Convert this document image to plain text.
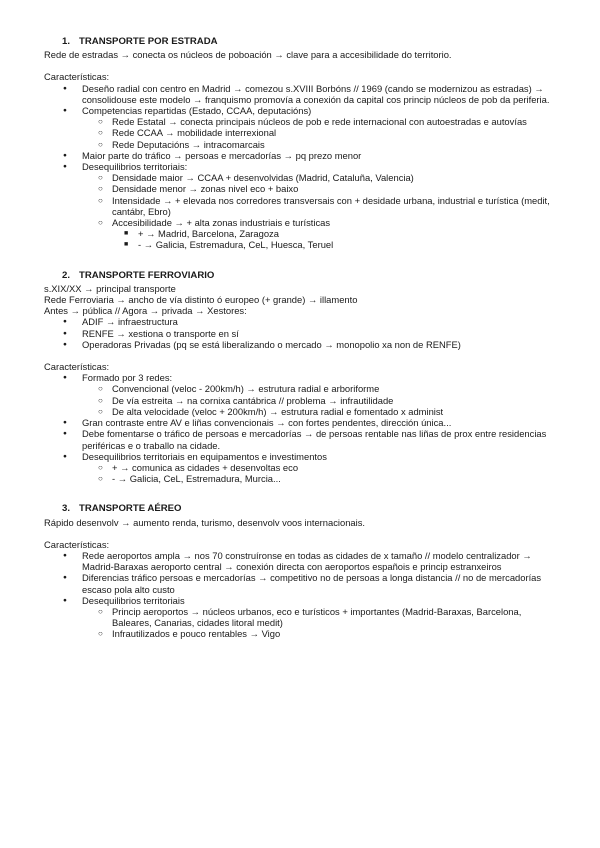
1. TRANSPORTE POR ESTRADA

Rede de estradas → conecta os núcleos de poboación → clave para a accesibilidade do territorio.

Características:

● Deseño radial con centro en Madrid → comezou s.XVIII Borbóns // 1969 (cando se modernizou as estradas) → consolidouse este modelo → franquismo promovía a conexión da capital cos princip núcleos de pob da periferia.
● Competencias repartidas (Estado, CCAA, deputacións)
○ Rede Estatal → conecta principais núcleos de pob e rede internacional con autoestradas e autovías
○ Rede CCAA → mobilidade interrexional
○ Rede Deputacións → intracomarcais
● Maior parte do tráfico → persoas e mercadorías → pq prezo menor
● Desequilibrios territoriais:
○ Densidade maior → CCAA + desenvolvidas (Madrid, Cataluña, Valencia)
○ Densidade menor → zonas nivel eco + baixo
○ Intensidade → + elevada nos corredores transversais con + desidade urbana, industrial e turística (medit, cantábr, Ebro)
○ Accesibilidade → + alta zonas industriais e turísticas
■ + → Madrid, Barcelona, Zaragoza
■ - → Galicia, Estremadura, CeL, Huesca, Teruel
2. TRANSPORTE FERROVIARIO

s.XIX/XX → principal transporte

Rede Ferroviaria → ancho de vía distinto ó europeo (+ grande) → illamento

Antes → pública // Agora → privada → Xestores:

● ADIF → infraestructura
● RENFE → xestiona o transporte en sí
● Operadoras Privadas (pq se está liberalizando o mercado → monopolio xa non de RENFE)

Características:

● Formado por 3 redes:
○ Convencional (veloc - 200km/h) → estrutura radial e arboriforme
○ De vía estreita → na cornixa cantábrica // problema → infrautilidade
○ De alta velocidade (veloc + 200km/h) → estrutura radial e fomentado x administ
● Gran contraste entre AV e liñas convencionais → con fortes pendentes, dirección única...
● Debe fomentarse o tráfico de persoas e mercadorías → de persoas rentable nas liñas de prox entre residencias periféricas e o traballo na cidade.
● Desequilibrios territoriais en equipamentos e investimentos
○ + → comunica as cidades + desenvoltas eco
○ - → Galicia, CeL, Estremadura, Murcia...
3. TRANSPORTE AÉREO

Rápido desenvolv → aumento renda, turismo, desenvolv voos internacionais.

Características:

● Rede aeroportos ampla → nos 70 construíronse en todas as cidades de x tamaño // modelo centralizador → Madrid-Baraxas aeroporto central → conexión directa con aeroportos españois e princip estranxeiros
● Diferencias tráfico persoas e mercadorías → competitivo no de persoas a longa distancia // no de mercadorías escaso pola alto custo
● Desequilibrios territoriais
○ Princip aeroportos → núcleos urbanos, eco e turísticos + importantes (Madrid-Baraxas, Barcelona, Baleares, Canarias, cidades litoral medit)
○ Infrautilizados e pouco rentables → Vigo
